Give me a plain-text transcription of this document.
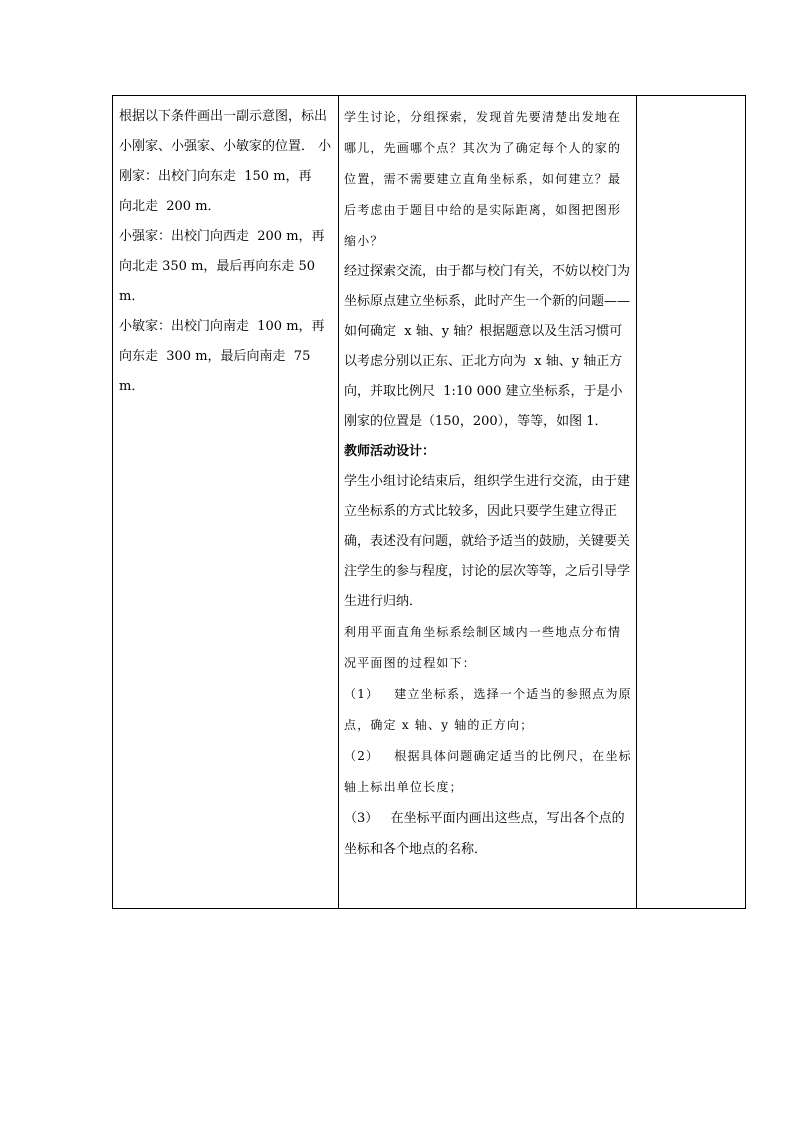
根据以下条件画出一副示意图，标出小刚家、小强家、小敏家的位置． 小刚家：出校门向东走  150 m，再

向北走  200 m．

小强家：出校门向西走  200 m，再向北走 350 m，最后再向东走 50 m．

小敏家：出校门向南走  100 m，再向东走  300 m，最后向南走  75 m．

学生讨论，分组探索，发现首先要清楚出发地在哪儿，先画哪个点？其次为了确定每个人的家的位置，需不需要建立直角坐标系，如何建立？最后考虑由于题目中给的是实际距离，如图把图形缩小？

经过探索交流，由于都与校门有关，不妨以校门为坐标原点建立坐标系，此时产生一个新的问题——如何确定  x 轴、y 轴？根据题意以及生活习惯可以考虑分别以正东、正北方向为  x 轴、y 轴正方向，并取比例尺  1:10 000 建立坐标系，于是小刚家的位置是（150，200），等等，如图 1．

教师活动设计：

学生小组讨论结束后，组织学生进行交流，由于建立坐标系的方式比较多，因此只要学生建立得正确，表述没有问题，就给予适当的鼓励，关键要关注学生的参与程度，讨论的层次等等，之后引导学生进行归纳．

利用平面直角坐标系绘制区域内一些地点分布情况平面图的过程如下：

（1）   建立坐标系，选择一个适当的参照点为原点，确定 x 轴、y 轴的正方向；

（2）   根据具体问题确定适当的比例尺，在坐标轴上标出单位长度；

（3）   在坐标平面内画出这些点，写出各个点的坐标和各个地点的名称．
